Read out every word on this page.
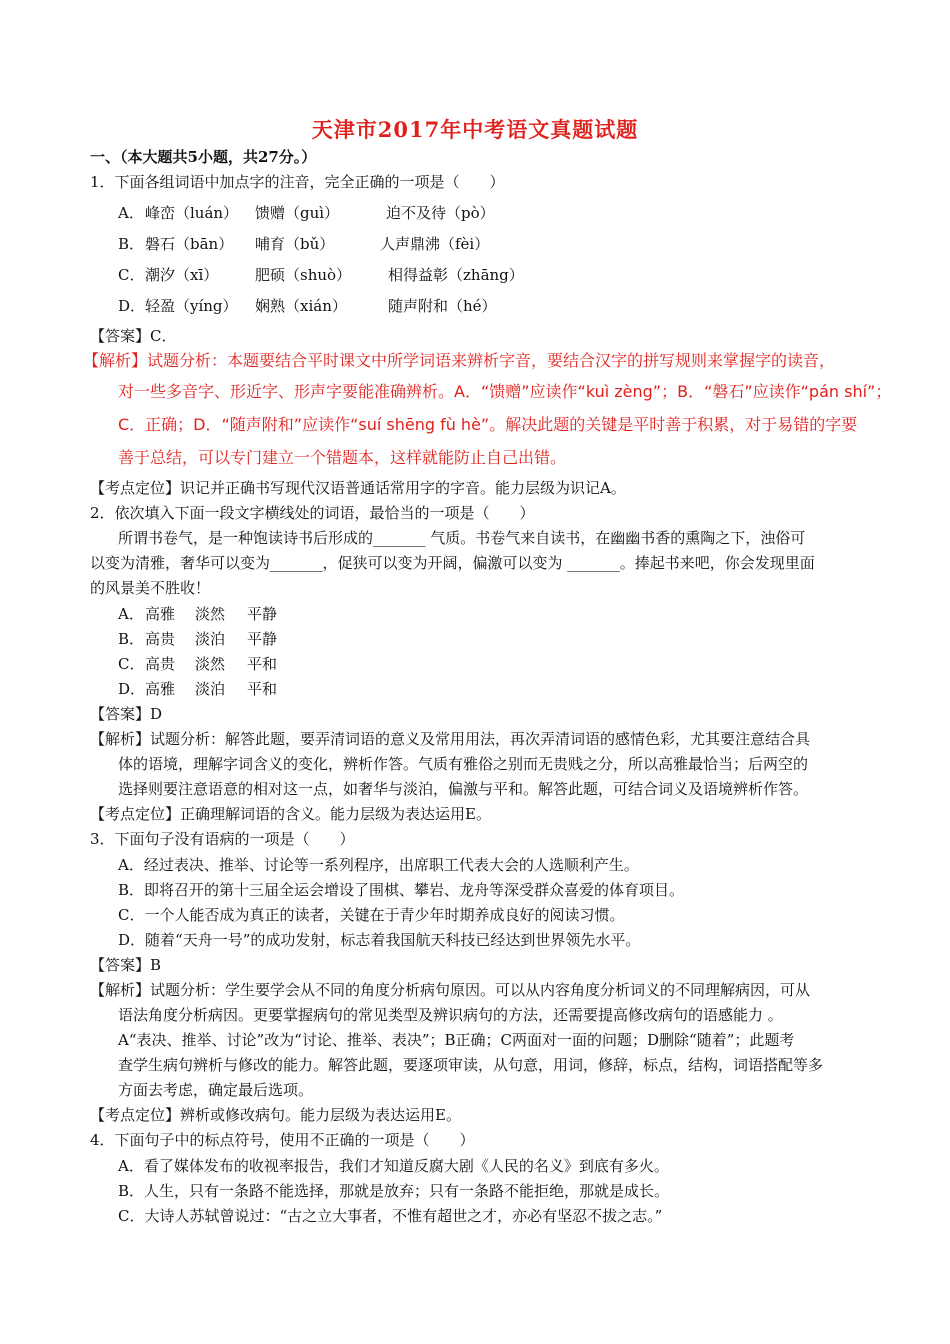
天津市2017年中考语文真题试题
一、（本大题共5小题，共27分。）
1．下面各组词语中加点字的注音，完全正确的一项是（　　）
A． 峰峦（luán） 馈赠（guì）	迫不及待（pò）
B． 磐石（bān） 哺育（bǔ）	人声鼎沸（fèi）
C． 潮汐（xī） 肥硕（shuò） 相得益彰（zhāng）
D． 轻盈（yíng） 娴熟（xián）	随声附和（hé）
【答案】C．
【解析】试题分析：本题要结合平时课文中所学词语来辨析字音，要结合汉字的拼写规则来掌握字的读音，
对一些多音字、形近字、形声字要能准确辨析。A．“馈赠”应读作“kuì zèng”；B．“磐石”应读作“pán shí”；
C．正确；D．“随声附和”应读作“suí shēng fù hè”。解决此题的关键是平时善于积累，对于易错的字要
善于总结，可以专门建立一个错题本，这样就能防止自己出错。
【考点定位】识记并正确书写现代汉语普通话常用字的字音。能力层级为识记A。
2．依次填入下面一段文字横线处的词语，最恰当的一项是（　　）
所谓书卷气，是一种饱读诗书后形成的_______ 气质。书卷气来自读书，在幽幽书香的熏陶之下，浊俗可
以变为清雅，奢华可以变为_______，促狭可以变为开阔，偏激可以变为 _______。捧起书来吧，你会发现里面
的风景美不胜收！
A． 高雅 淡然 平静
B． 高贵 淡泊 平静
C． 高贵 淡然 平和
D． 高雅 淡泊 平和
【答案】D
【解析】试题分析：解答此题，要弄清词语的意义及常用用法，再次弄清词语的感情色彩，尤其要注意结合具
体的语境，理解字词含义的变化，辨析作答。气质有雅俗之别而无贵贱之分，所以高雅最恰当；后两空的
选择则要注意语意的相对这一点，如奢华与淡泊，偏激与平和。解答此题，可结合词义及语境辨析作答。
【考点定位】正确理解词语的含义。能力层级为表达运用E。
3．下面句子没有语病的一项是（　　）
A．经过表决、推举、讨论等一系列程序，出席职工代表大会的人选顺利产生。
B．即将召开的第十三届全运会增设了围棋、攀岩、龙舟等深受群众喜爱的体育项目。
C．一个人能否成为真正的读者，关键在于青少年时期养成良好的阅读习惯。
D．随着“天舟一号”的成功发射，标志着我国航天科技已经达到世界领先水平。
【答案】B
【解析】试题分析：学生要学会从不同的角度分析病句原因。可以从内容角度分析词义的不同理解病因，可从
语法角度分析病因。更要掌握病句的常见类型及辨识病句的方法，还需要提高修改病句的语感能力 。
A“表决、推举、讨论”改为“讨论、推举、表决”；B正确；C两面对一面的问题；D删除“随着”；此题考
查学生病句辨析与修改的能力。解答此题，要逐项审读，从句意，用词，修辞，标点，结构，词语搭配等多
方面去考虑，确定最后选项。
【考点定位】辨析或修改病句。能力层级为表达运用E。
4．下面句子中的标点符号，使用不正确的一项是（　　）
A．看了媒体发布的收视率报告，我们才知道反腐大剧《人民的名义》到底有多火。
B．人生，只有一条路不能选择，那就是放弃；只有一条路不能拒绝，那就是成长。
C．大诗人苏轼曾说过：“古之立大事者，不惟有超世之才，亦必有坚忍不拔之志。”
